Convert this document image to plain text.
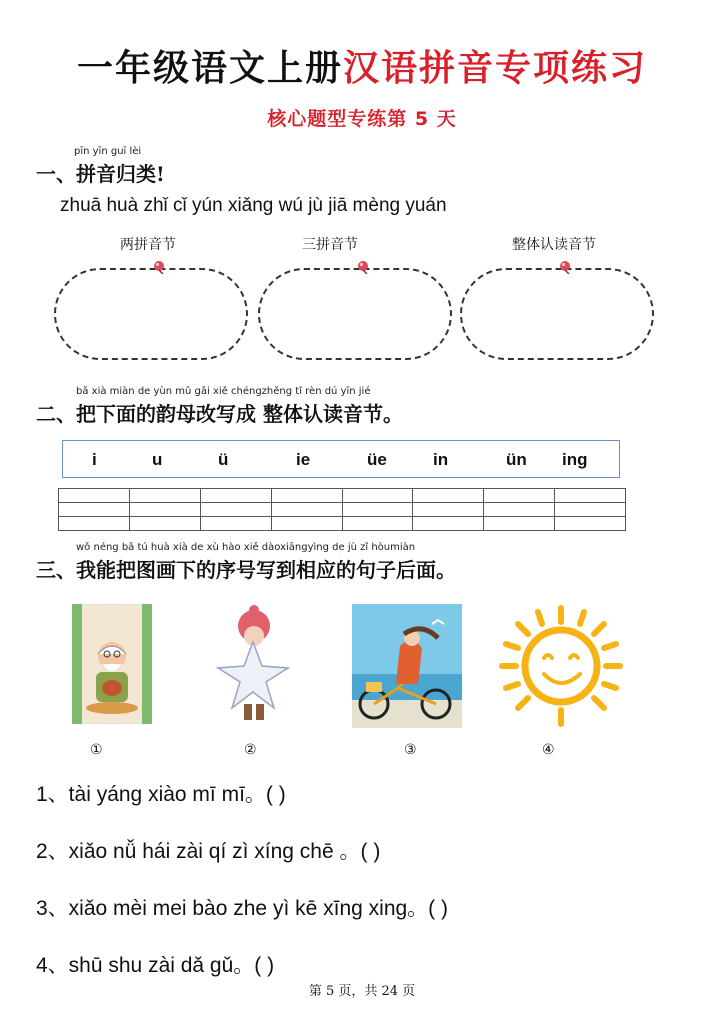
一年级语文上册汉语拼音专项练习
核心题型专练第 5 天
pīn yīn guī lèi
一、拼音归类!
zhuā huà zhǐ cǐ yún xiǎng wú jù jiā mèng yuán
两拼音节	三拼音节	整体认读音节
bǎ xià miàn de yùn mǔ gǎi xiě chéngzhěng tǐ rèn dú yīn jié
二、把下面的韵母改写成 整体认读音节。
i	u	ü	ie	üe	in	ün ing

wǒ néng bǎ tú huà xià de xù hào xiě dàoxiāngyìng de jù zǐ hòumiàn
三、我能把图画下的序号写到相应的句子后面。
①	②	③	④
1、tài yáng xiào mī mī。( )
2、xiǎo nǚ hái zài qí zì xíng chē 。( )
3、xiǎo mèi mei bào zhe yì kē xīng xing。( )
4、shū shu zài dǎ gǔ。( )
第 5 页，共 24 页
